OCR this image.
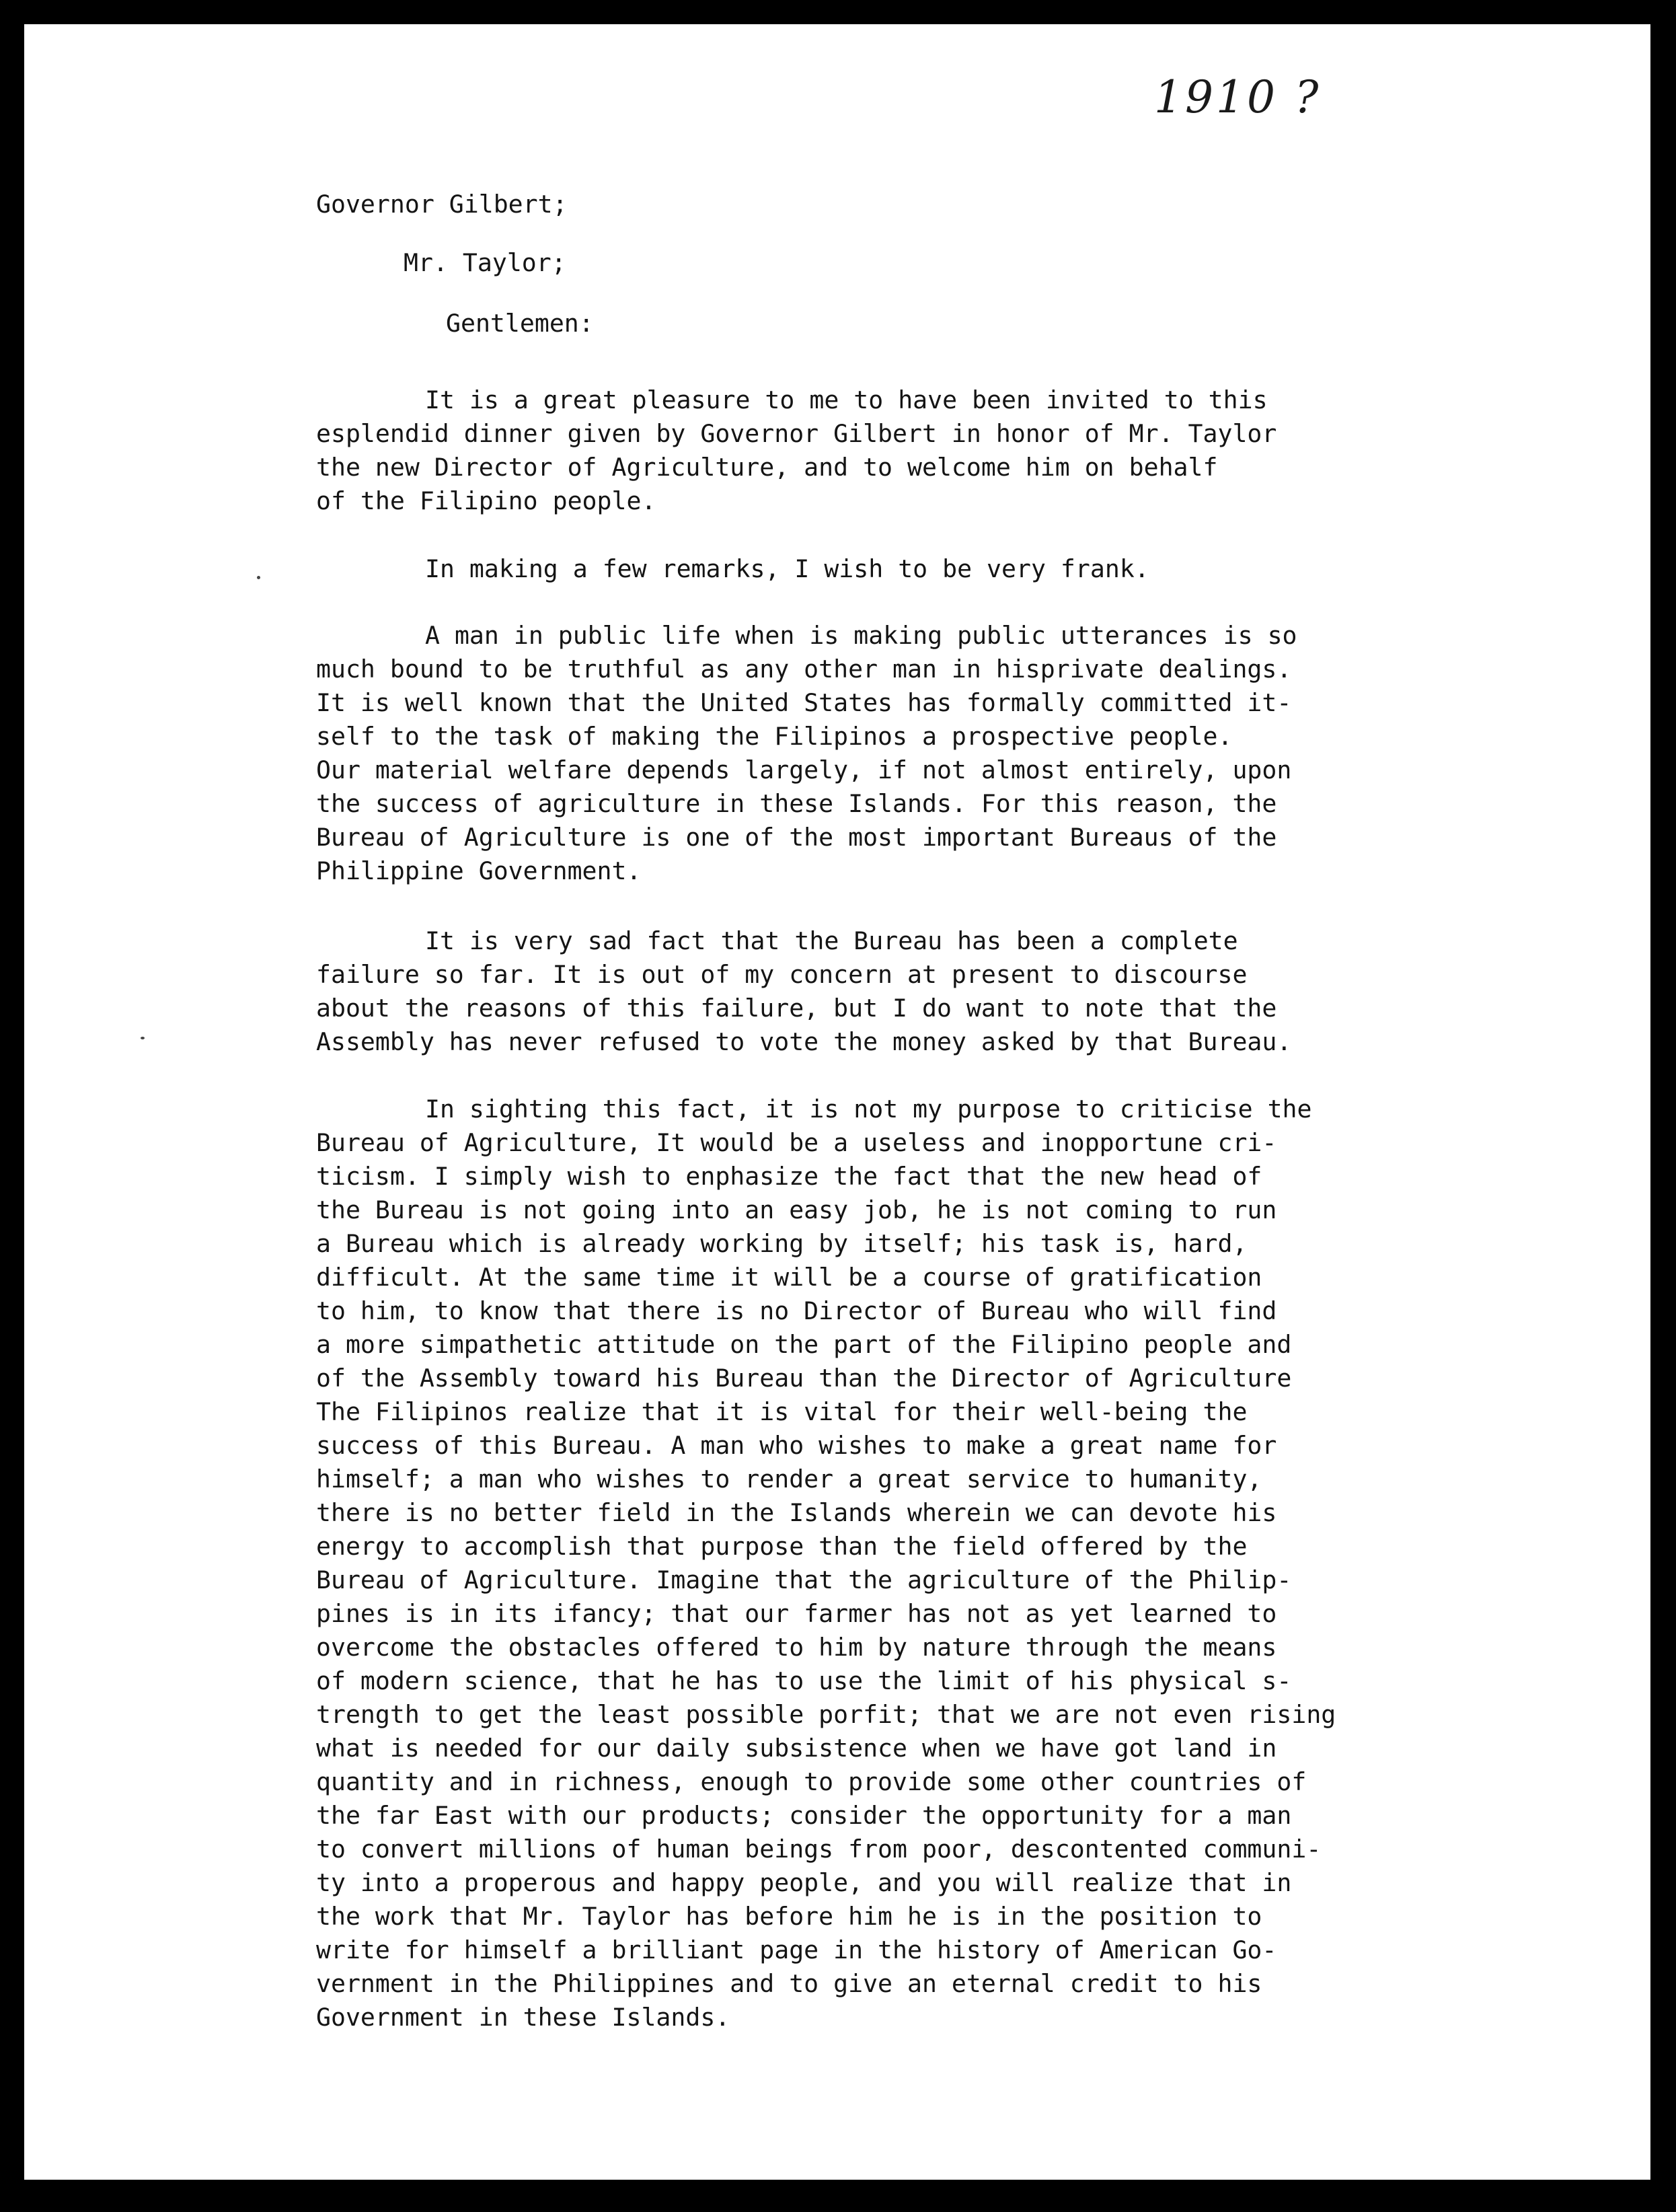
1910 ?
Governor Gilbert;
Mr. Taylor;
Gentlemen:
It is a great pleasure to me to have been invited to this
esplendid dinner given by Governor Gilbert in honor of Mr. Taylor
the new Director of Agriculture, and to welcome him on behalf
of the Filipino people.
In making a few remarks, I wish to be very frank.
A man in public life when is making public utterances is so
much bound to be truthful as any other man in hisprivate dealings.
It is well known that the United States has formally committed it-
self to the task of making the Filipinos a prospective people.
Our material welfare depends largely, if not almost entirely, upon
the success of agriculture in these Islands. For this reason, the
Bureau of Agriculture is one of the most important Bureaus of the
Philippine Government.
It is very sad fact that the Bureau has been a complete
failure so far. It is out of my concern at present to discourse
about the reasons of this failure, but I do want to note that the
Assembly has never refused to vote the money asked by that Bureau.
In sighting this fact, it is not my purpose to criticise the
Bureau of Agriculture, It would be a useless and inopportune cri-
ticism. I simply wish to enphasize the fact that the new head of
the Bureau is not going into an easy job, he is not coming to run
a Bureau which is already working by itself; his task is, hard,
difficult. At the same time it will be a course of gratification
to him, to know that there is no Director of Bureau who will find
a more simpathetic attitude on the part of the Filipino people and
of the Assembly toward his Bureau than the Director of Agriculture
The Filipinos realize that it is vital for their well-being the
success of this Bureau. A man who wishes to make a great name for
himself; a man who wishes to render a great service to humanity,
there is no better field in the Islands wherein we can devote his
energy to accomplish that purpose than the field offered by the
Bureau of Agriculture. Imagine that the agriculture of the Philip-
pines is in its ifancy; that our farmer has not as yet learned to
overcome the obstacles offered to him by nature through the means
of modern science, that he has to use the limit of his physical s-
trength to get the least possible porfit; that we are not even rising
what is needed for our daily subsistence when we have got land in
quantity and in richness, enough to provide some other countries of
the far East with our products; consider the opportunity for a man
to convert millions of human beings from poor, descontented communi-
ty into a properous and happy people, and you will realize that in
the work that Mr. Taylor has before him he is in the position to
write for himself a brilliant page in the history of American Go-
vernment in the Philippines and to give an eternal credit to his
Government in these Islands.
